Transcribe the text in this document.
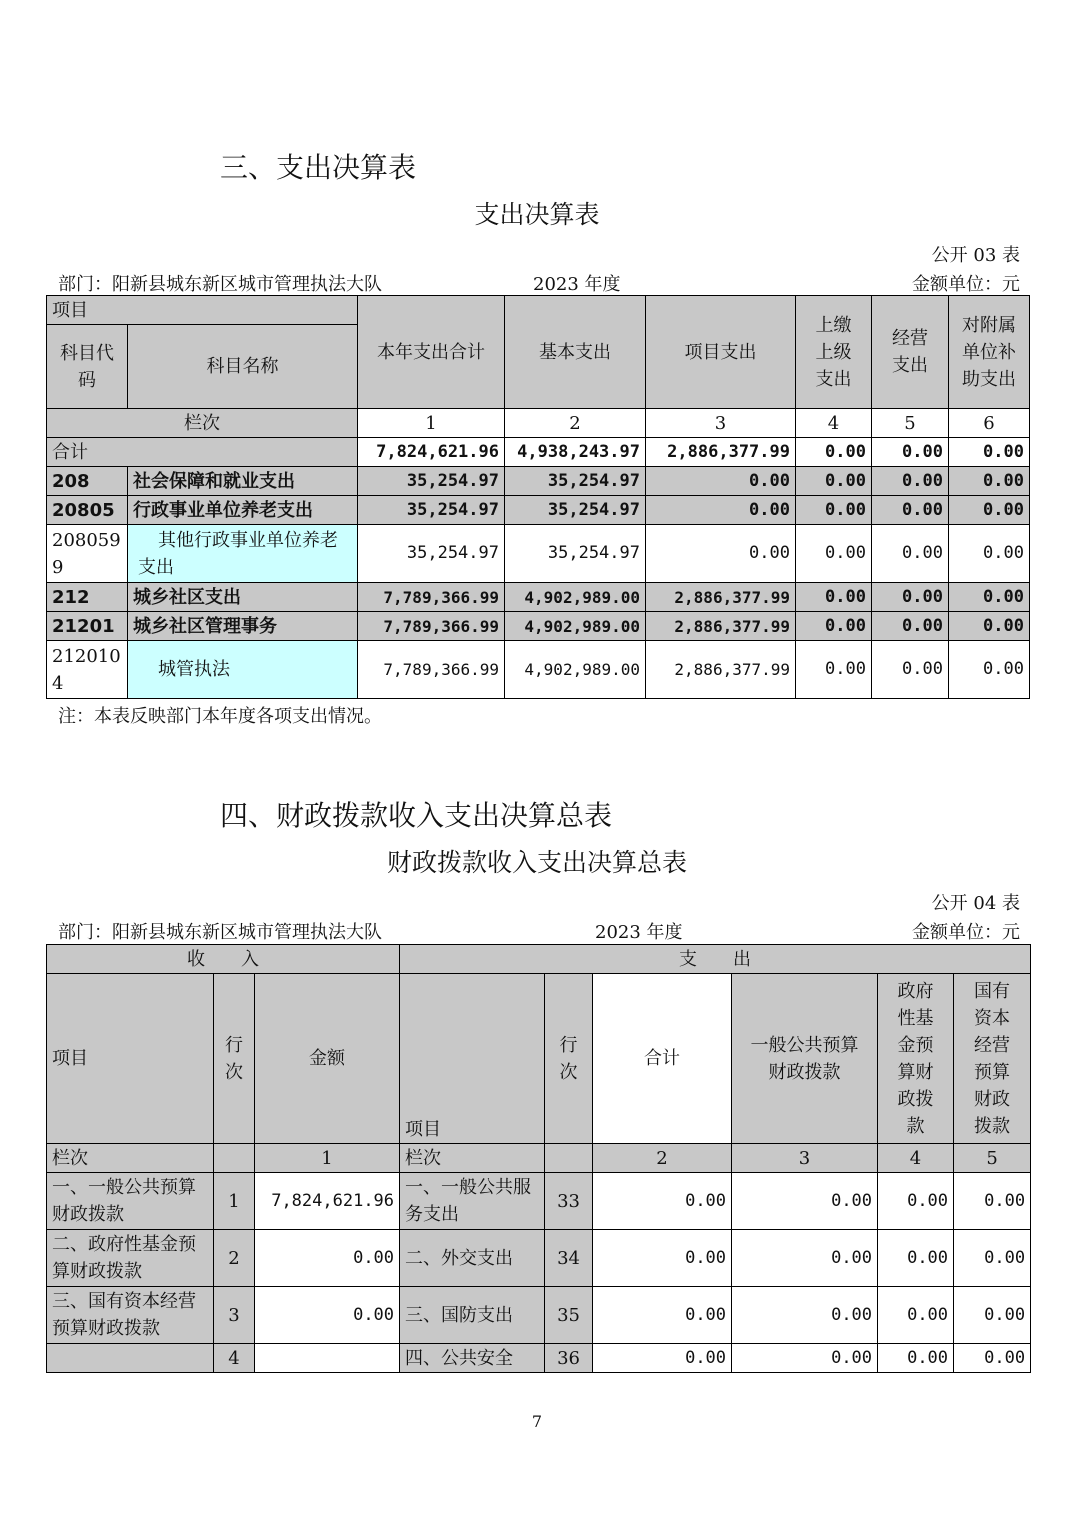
三、支出决算表
支出决算表
公开 03 表
部门：阳新县城东新区城市管理执法大队	2023 年度	金额单位：元
项目		本年支出合计	基本支出	项目支出	上缴上级支出	经营支出	对附属单位补助支出
科目代码	科目名称						
栏次		1	2	3	4	5	6
合计		7,824,621.96	4,938,243.97	2,886,377.99	0.00	0.00	0.00
208	社会保障和就业支出	35,254.97	35,254.97	0.00	0.00	0.00	0.00
20805	行政事业单位养老支出	35,254.97	35,254.97	0.00	0.00	0.00	0.00
2080599	其他行政事业单位养老支出	35,254.97	35,254.97	0.00	0.00	0.00	0.00
212	城乡社区支出	7,789,366.99	4,902,989.00	2,886,377.99	0.00	0.00	0.00
21201	城乡社区管理事务	7,789,366.99	4,902,989.00	2,886,377.99	0.00	0.00	0.00
2120104	城管执法	7,789,366.99	4,902,989.00	2,886,377.99	0.00	0.00	0.00
注：本表反映部门本年度各项支出情况。
四、财政拨款收入支出决算总表
财政拨款收入支出决算总表
公开 04 表
部门：阳新县城东新区城市管理执法大队	2023 年度	金额单位：元
收　　入			支　　出					
项目	行次	金额	项目	行次	合计	一般公共预算财政拨款	政府性基金预算财政拨款	国有资本经营预算财政拨款
栏次		1	栏次		2	3	4	5
一、一般公共预算财政拨款	1	7,824,621.96	一、一般公共服务支出	33	0.00	0.00	0.00	0.00
二、政府性基金预算财政拨款	2	0.00	二、外交支出	34	0.00	0.00	0.00	0.00
三、国有资本经营预算财政拨款	3	0.00	三、国防支出	35	0.00	0.00	0.00	0.00
	4		四、公共安全	36	0.00	0.00	0.00	0.00
7
